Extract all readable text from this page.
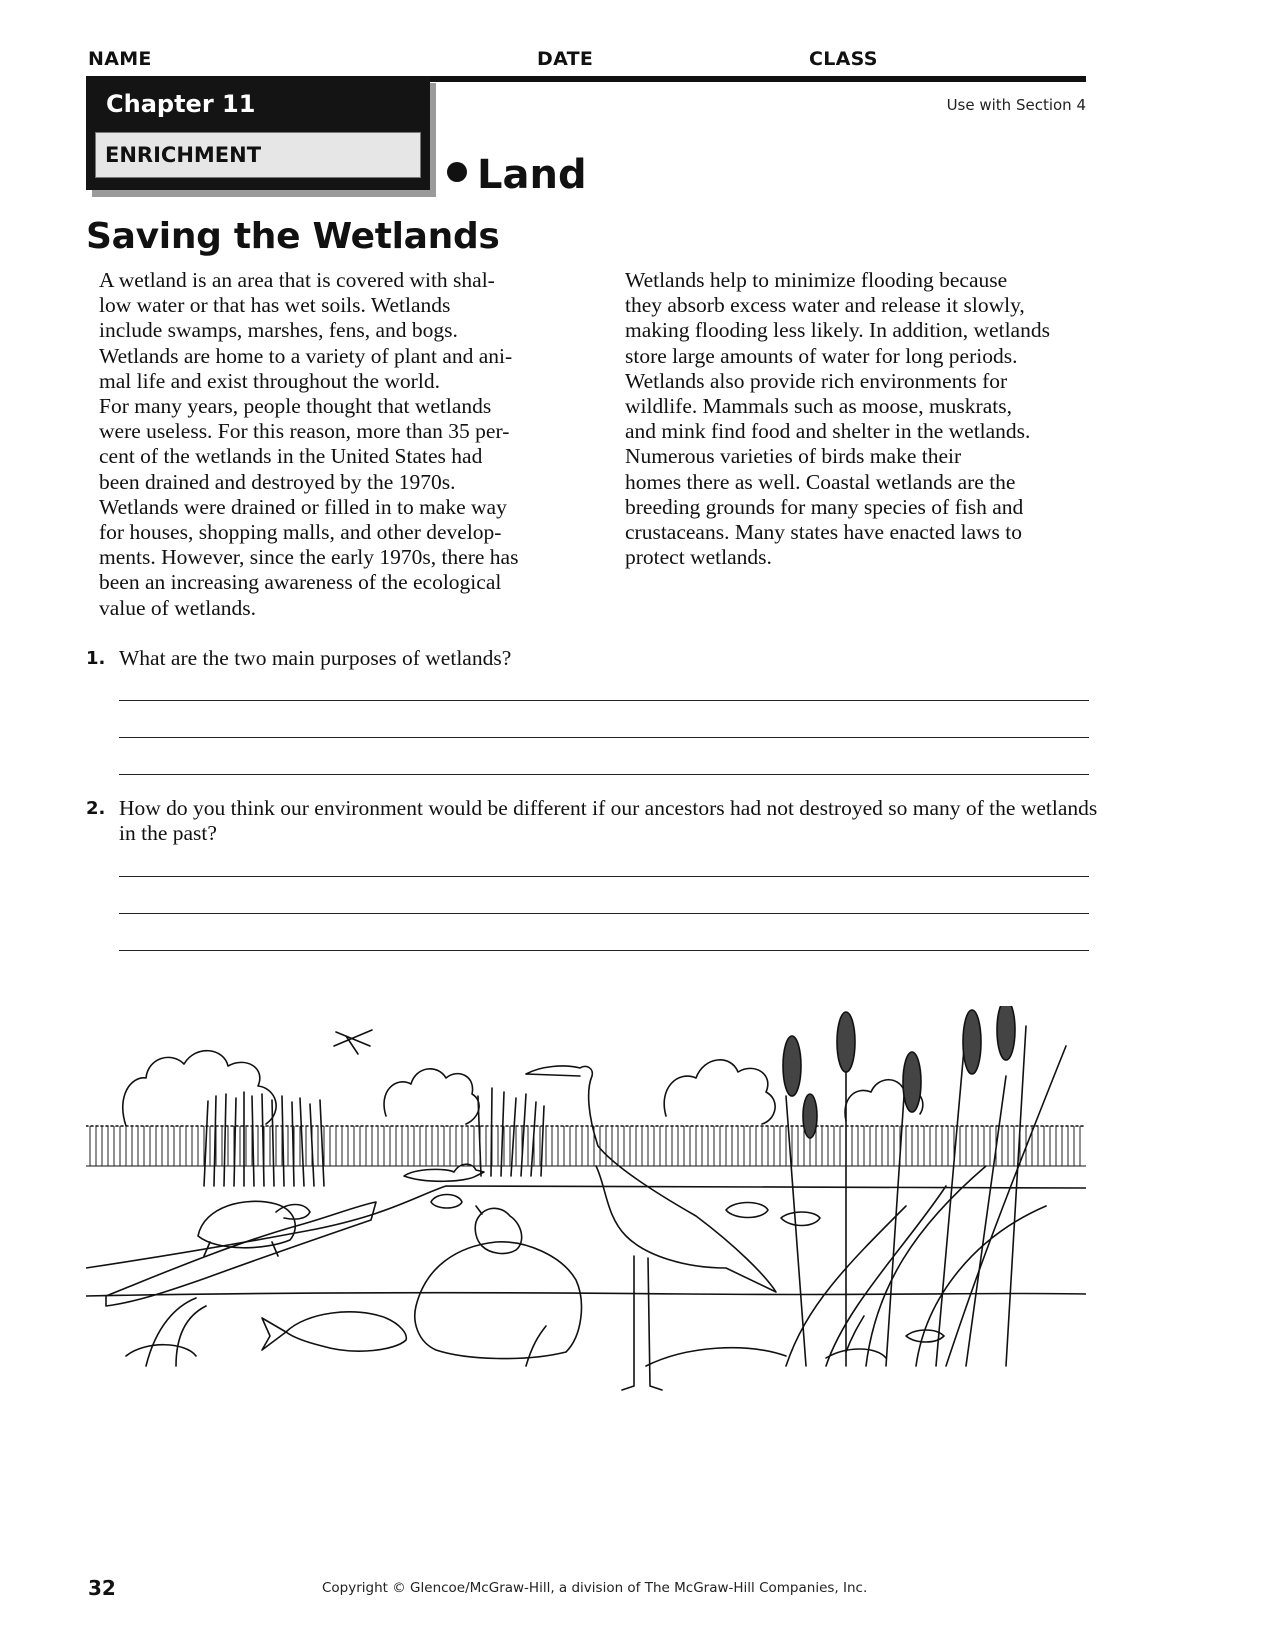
NAME	DATE	CLASS
Chapter 11
ENRICHMENT
Use with Section 4
Land
Saving the Wetlands

A wetland is an area that is covered with shal-
low water or that has wet soils. Wetlands
include swamps, marshes, fens, and bogs.
Wetlands are home to a variety of plant and ani-
mal life and exist throughout the world.

For many years, people thought that wetlands
were useless. For this reason, more than 35 per-
cent of the wetlands in the United States had
been drained and destroyed by the 1970s.
Wetlands were drained or filled in to make way
for houses, shopping malls, and other develop-
ments. However, since the early 1970s, there has
been an increasing awareness of the ecological
value of wetlands.

Wetlands help to minimize flooding because
they absorb excess water and release it slowly,
making flooding less likely. In addition, wetlands
store large amounts of water for long periods.

Wetlands also provide rich environments for
wildlife. Mammals such as moose, muskrats,
and mink find food and shelter in the wetlands.
Numerous varieties of birds make their
homes there as well. Coastal wetlands are the
breeding grounds for many species of fish and
crustaceans. Many states have enacted laws to
protect wetlands.

1. What are the two main purposes of wetlands?
2. How do you think our environment would be different if our ancestors had not destroyed so many of the wetlands in the past?
32	Copyright © Glencoe/McGraw-Hill, a division of The McGraw-Hill Companies, Inc.
